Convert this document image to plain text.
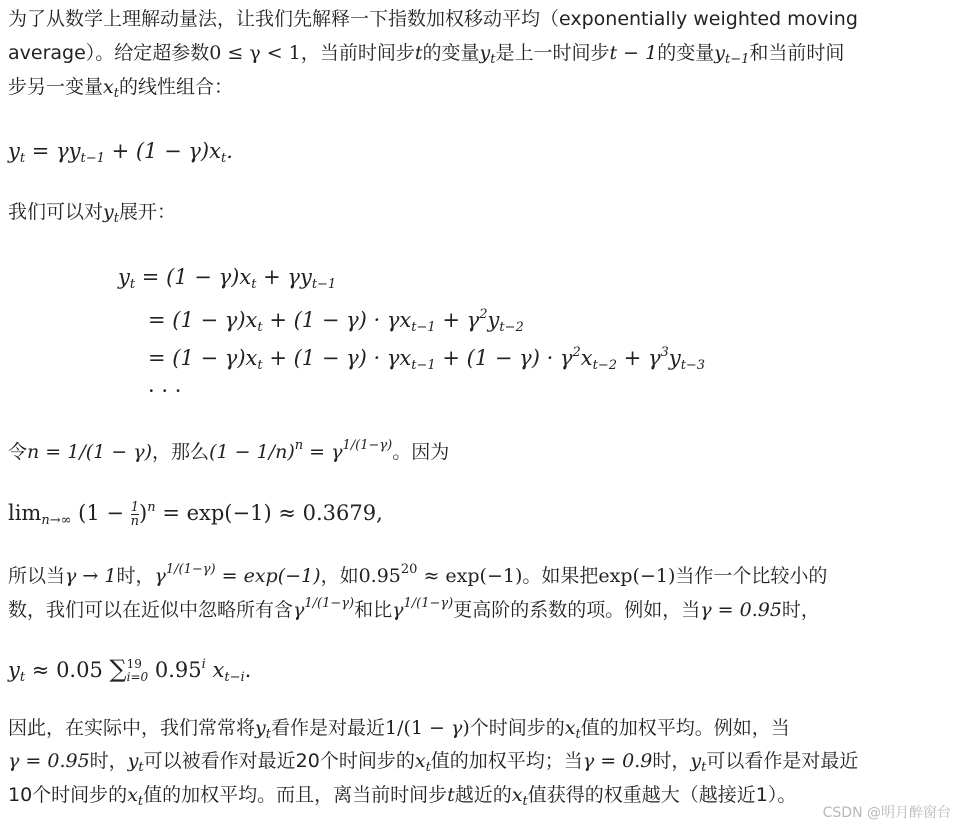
为了从数学上理解动量法，让我们先解释一下指数加权移动平均（exponentially weighted moving
average）。给定超参数0 ≤ γ < 1，当前时间步t的变量$y_t$是上一时间步t − 1的变量$y_{t-1}$和当前时间
步另一变量$x_t$的线性组合：
$y_t = \gamma y_{t-1} + (1 - \gamma)x_t$.
我们可以对$y_t$展开：
$y_t = (1 - \gamma)x_t + \gamma y_{t-1}$
= $(1 - \gamma)x_t + (1 - \gamma) \cdot \gamma x_{t-1} + \gamma^2y_{t-2}$
= $(1 - \gamma)x_t + (1 - \gamma) \cdot \gamma x_{t-1} + (1 - \gamma) \cdot \gamma^2x_{t-2} + \gamma^3y_{t-3}$
· · ·
令n = 1/(1 − γ)，那么$(1 - 1/n)^n = \gamma^{1/(1-\gamma)}$。因为
$\lim_{n\to\infty} (1 - \frac{1}{n} )^n = \exp(-1) \approx 0.3679$,
所以当γ → 1时，$\gamma^{1/(1-\gamma)} = \exp(-1)$，如$0.95^{20} \approx \exp(-1)$。如果把exp(−1)当作一个比较小的
数，我们可以在近似中忽略所有含$\gamma^{1/(1-\gamma)}$和比$\gamma^{1/(1-\gamma)}$更高阶的系数的项。例如，当γ = 0.95时，
$y_t \approx 0.05$ ∑ 19
i=0 0.95$^i$ $x_{t-i}$.
因此，在实际中，我们常常将$y_t$看作是对最近1/(1 − γ)个时间步的$x_t$值的加权平均。例如，当
γ = 0.95时，$y_t$可以被看作对最近20个时间步的$x_t$值的加权平均；当γ = 0.9时，$y_t$可以看作是对最近
10个时间步的$x_t$值的加权平均。而且，离当前时间步t越近的$x_t$值获得的权重越大（越接近1）。
CSDN @明月醉窗台
